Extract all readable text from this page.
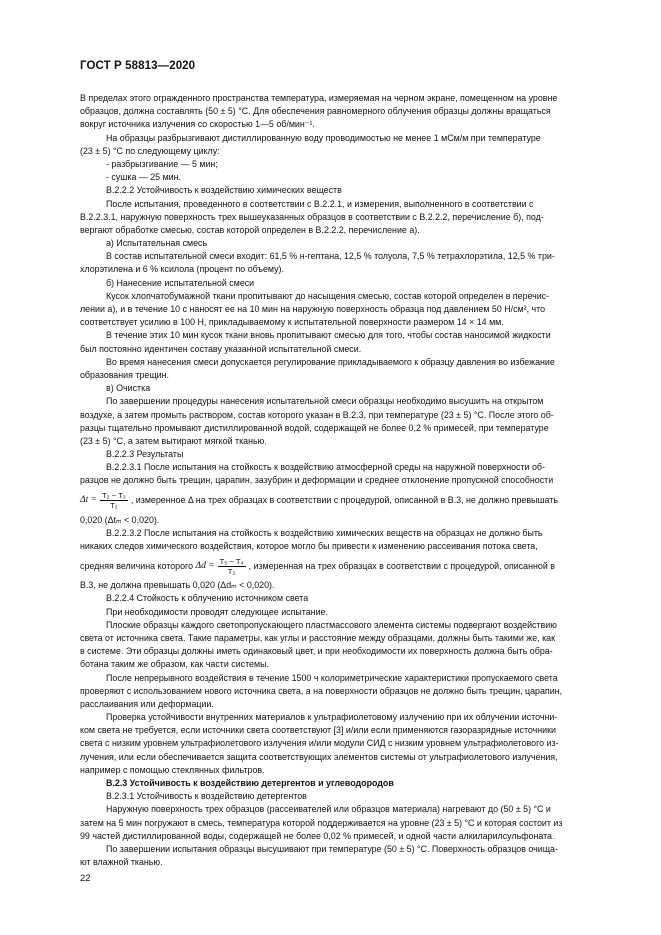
ГОСТ Р 58813—2020
В пределах этого огражденного пространства температура, измеряемая на черном экране, помещенном на уровне
образцов, должна составлять (50 ± 5) °С. Для обеспечения равномерного облучения образцы должны вращаться
вокруг источника излучения со скоростью 1—5 об/мин⁻¹.
На образцы разбрызгивают дистиллированную воду проводимостью не менее 1 мСм/м при температуре
(23 ± 5) °С по следующему циклу:
- разбрызгивание — 5 мин;
- сушка — 25 мин.
В.2.2.2 Устойчивость к воздействию химических веществ
После испытания, проведенного в соответствии с В.2.2.1, и измерения, выполненного в соответствии с
В.2.2.3.1, наружную поверхность трех вышеуказанных образцов в соответствии с В.2.2.2, перечисление б), под-
вергают обработке смесью, состав которой определен в В.2.2.2, перечисление а).
а) Испытательная смесь
В состав испытательной смеси входит: 61,5 % н-гептана, 12,5 % толуола, 7,5 % тетрахлорэтила, 12,5 % три-
хлорэтилена и 6 % ксилола (процент по объему).
б) Нанесение испытательной смеси
Кусок хлопчатобумажной ткани пропитывают до насыщения смесью, состав которой определен в перечис-
лении а), и в течение 10 с наносят ее на 10 мин на наружную поверхность образца под давлением 50 Н/см², что
соответствует усилию в 100 Н, прикладываемому к испытательной поверхности размером 14 × 14 мм.
В течение этих 10 мин кусок ткани вновь пропитывают смесью для того, чтобы состав наносимой жидкости
был постоянно идентичен составу указанной испытательной смеси.
Во время нанесения смеси допускается регулирование прикладываемого к образцу давления во избежание
образования трещин.
в) Очистка
По завершении процедуры нанесения испытательной смеси образцы необходимо высушить на открытом
воздухе, а затем промыть раствором, состав которого указан в В.2.3, при температуре (23 ± 5) °С. После этого об-
разцы тщательно промывают дистиллированной водой, содержащей не более 0,2 % примесей, при температуре
(23 ± 5) °С, а затем вытирают мягкой тканью.
В.2.2.3 Результаты
В.2.2.3.1 После испытания на стойкость к воздействию атмосферной среды на наружной поверхности об-
разцов не должно быть трещин, царапин, зазубрин и деформации и среднее отклонение пропускной способности
$\Delta t = \frac{\text{T₂ − T₃}}{\text{T₂}}$ , измеренное Δ на трех образцах в соответствии с процедурой, описанной в В.3, не должно превышать
0,020 (Δtₘ < 0,020).
В.2.2.3.2 После испытания на стойкость к воздействию химических веществ на образцах не должно быть
никаких следов химического воздействия, которое могло бы привести к изменению рассеивания потока света,
средняя величина которого
$\Delta d = \frac{\text{T₅ − T₄}}{\text{T₂}}$ , измеренная на трех образцах в соответствии с процедурой, описанной в
В.3, не должна превышать 0,020 (Δdₘ < 0,020).
В.2.2.4 Стойкость к облучению источником света
При необходимости проводят следующее испытание.
Плоские образцы каждого светопропускающего пластмассового элемента системы подвергают воздействию
света от источника света. Такие параметры, как углы и расстояние между образцами, должны быть такими же, как
в системе. Эти образцы должны иметь одинаковый цвет, и при необходимости их поверхность должна быть обра-
ботана таким же образом, как части системы.
После непрерывного воздействия в течение 1500 ч колориметрические характеристики пропускаемого света
проверяют с использованием нового источника света, а на поверхности образцов не должно быть трещин, царапин,
расслаивания или деформации.
Проверка устойчивости внутренних материалов к ультрафиолетовому излучению при их облучении источни-
ком света не требуется, если источники света соответствуют [3] и/или если применяются газоразрядные источники
света с низким уровнем ультрафиолетового излучения и/или модули СИД с низким уровнем ультрафиолетового из-
лучения, или если обеспечивается защита соответствующих элементов системы от ультрафиолетового излучения,
например с помощью стеклянных фильтров.
В.2.3 Устойчивость к воздействию детергентов и углеводородов
В.2.3.1 Устойчивость к воздействию детергентов
Наружную поверхность трех образцов (рассеивателей или образцов материала) нагревают до (50 ± 5) °С и
затем на 5 мин погружают в смесь, температура которой поддерживается на уровне (23 ± 5) °С и которая состоит из
99 частей дистиллированной воды, содержащей не более 0,02 % примесей, и одной части алкиларилсульфоната.
По завершении испытания образцы высушивают при температуре (50 ± 5) °С. Поверхность образцов очища-
ют влажной тканью.
22
